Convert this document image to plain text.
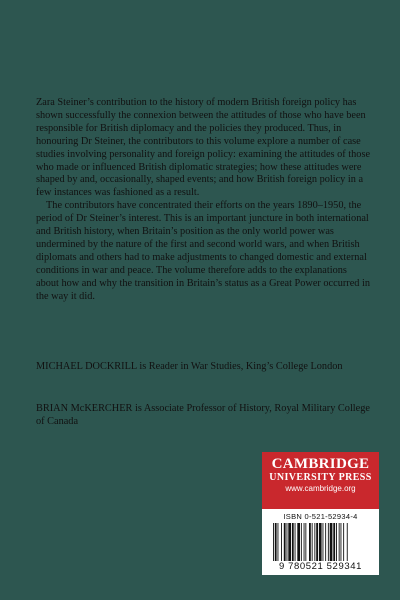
Zara Steiner’s contribution to the history of modern British foreign policy has shown successfully the connexion between the attitudes of those who have been responsible for British diplomacy and the policies they produced. Thus, in honouring Dr Steiner, the contributors to this volume explore a number of case studies involving personality and foreign policy: examining the attitudes of those who made or influenced British diplomatic strategies; how these attitudes were shaped by and, occasionally, shaped events; and how British foreign policy in a few instances was fashioned as a result.

The contributors have concentrated their efforts on the years 1890–1950, the period of Dr Steiner’s interest. This is an important juncture in both international and British history, when Britain’s position as the only world power was undermined by the nature of the first and second world wars, and when British diplomats and others had to make adjustments to changed domestic and external conditions in war and peace. The volume therefore adds to the explanations about how and why the transition in Britain’s status as a Great Power occurred in the way it did.

MICHAEL DOCKRILL is Reader in War Studies, King’s College London

BRIAN McKERCHER is Associate Professor of History, Royal Military College of Canada

CAMBRIDGE
UNIVERSITY PRESS
www.cambridge.org
ISBN 0-521-52934-4
9 780521 529341
